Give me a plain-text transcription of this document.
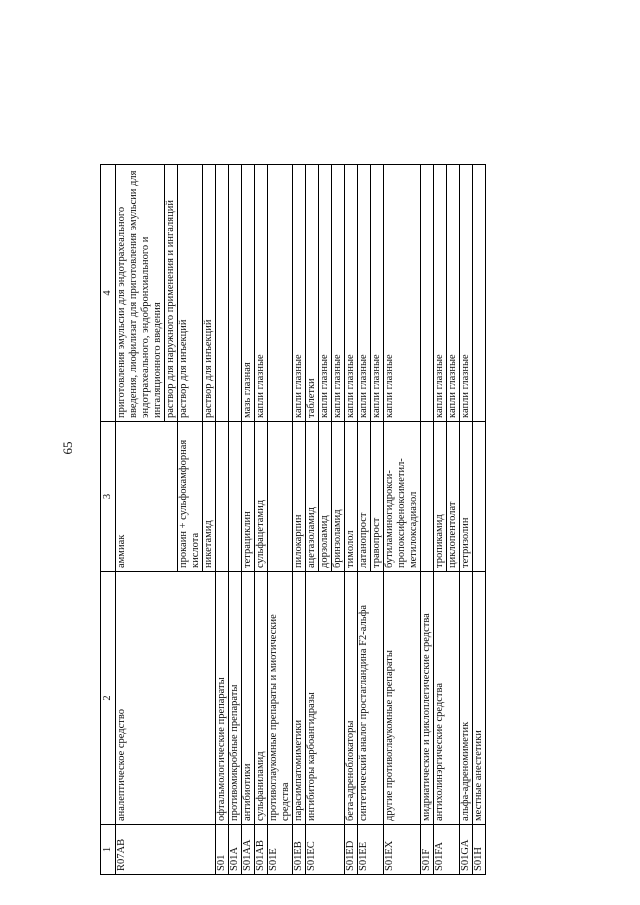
65
1	2	3	4
R07AB	аналептическое средство	аммиак	приготовления эмульсии для эндотрахеального введения, лиофилизат для приготовления эмульсии для эндотрахеального, эндобронхиального и ингаляционного введения
			раствор для наружного применения и ингаляций
		прокаин + сульфокамфорная кислота	раствор для инъекций
		никетамид	раствор для инъекций
S01	офтальмологические препараты		
S01A	противомикробные препараты		
S01AA	антибиотики	тетрациклин	мазь глазная
S01AB	сульфаниламид	сульфацетамид	капли глазные
S01E	противоглаукомные препараты и миотические средства		
S01EB	парасимпатомиметики	пилокарпин	капли глазные
S01EC	ингибиторы карбоангидразы	ацетазоламид	таблетки
		дорзоламид	капли глазные
		бринзоламид	капли глазные
S01ED	бета-адреноблокаторы	тимолол	капли глазные
S01EE	синтетический аналог простагландина F2-альфа	латанопрост	капли глазные
		травопрост	капли глазные
S01EX	другие противоглаукомные препараты	бутиламиногидрокси-пропоксифеноксиметил-метилоксадиазол	капли глазные
S01F	мидриатические и циклоплегические средства		
S01FA	антихолинэргические средства	тропикамид	капли глазные
		циклопентолат	капли глазные
S01GA	альфа-адреномиметик	тетризолин	капли глазные
S01H	местные анестетики		
